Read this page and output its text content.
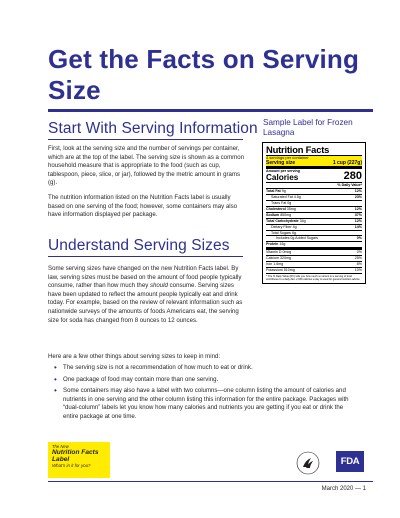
Get the Facts on Serving Size
Start With Serving Information

First, look at the serving size and the number of servings per container, which are at the top of the label. The serving size is shown as a common household measure that is appropriate to the food (such as cup, tablespoon, piece, slice, or jar), followed by the metric amount in grams (g).

The nutrition information listed on the Nutrition Facts label is usually based on one serving of the food; however, some containers may also have information displayed per package.

Understand Serving Sizes

Some serving sizes have changed on the new Nutrition Facts label. By law, serving sizes must be based on the amount of food people typically consume, rather than how much they should consume. Serving sizes have been updated to reflect the amount people typically eat and drink today. For example, based on the review of relevant information such as nationwide surveys of the amounts of foods Americans eat, the serving size for soda has changed from 8 ounces to 12 ounces.

Here are a few other things about serving sizes to keep in mind:
• The serving size is not a recommendation of how much to eat or drink.
• One package of food may contain more than one serving.
• Some containers may also have a label with two columns—one column listing the amount of calories and nutrients in one serving and the other column listing this information for the entire package. Packages with “dual-column” labels let you know how many calories and nutrients you are getting if you eat or drink the entire package at one time.
Sample Label for Frozen Lasagna
Nutrition Facts
4 servings per container
Serving size	1 cup (227g)
Amount per serving
Calories	280
% Daily Value*
Total Fat 9g	12%
Saturated Fat 4.5g	23%
Trans Fat 0g
Cholesterol 35mg	12%
Sodium 850mg	37%
Total Carbohydrate 34g	12%
Dietary Fiber 4g	14%
Total Sugars 6g
Includes 0g Added Sugars	0%
Protein 15g
Vitamin D 0mcg	0%
Calcium 320mg	25%
Iron 1.6mg	8%
Potassium 510mg	10%
* The % Daily Value (DV) tells you how much a nutrient in a serving of food contributes to a daily diet. 2,000 calories a day is used for general nutrition advice.
The New
Nutrition Facts Label
What’s in it for you?	FDA
March 2020 — 1
